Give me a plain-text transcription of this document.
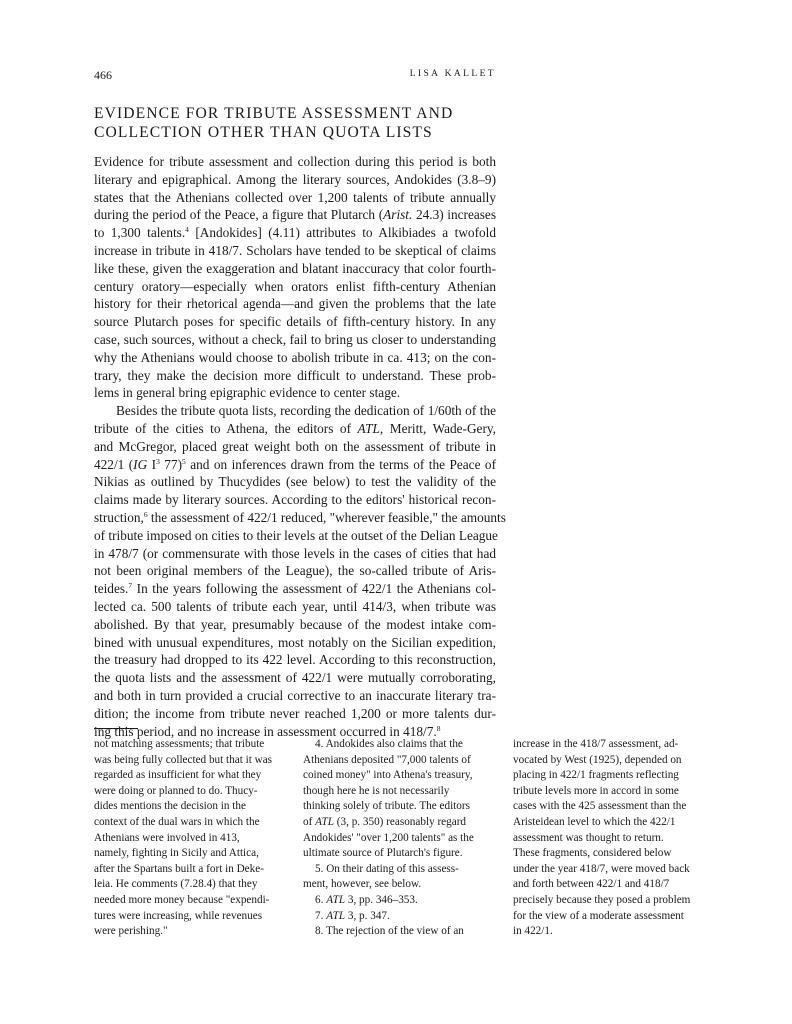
466	LISA KALLET
EVIDENCE FOR TRIBUTE ASSESSMENT AND
COLLECTION OTHER THAN QUOTA LISTS
Evidence for tribute assessment and collection during this period is both
literary and epigraphical. Among the literary sources, Andokides (3.8–9)
states that the Athenians collected over 1,200 talents of tribute annually
during the period of the Peace, a figure that Plutarch (Arist. 24.3) increases
to 1,300 talents.$^4$ [Andokides] (4.11) attributes to Alkibiades a twofold
increase in tribute in 418/7. Scholars have tended to be skeptical of claims
like these, given the exaggeration and blatant inaccuracy that color fourth-
century oratory—especially when orators enlist fifth-century Athenian
history for their rhetorical agenda—and given the problems that the late
source Plutarch poses for specific details of fifth-century history. In any
case, such sources, without a check, fail to bring us closer to understanding
why the Athenians would choose to abolish tribute in ca. 413; on the con-
trary, they make the decision more difficult to understand. These prob-
lems in general bring epigraphic evidence to center stage.
Besides the tribute quota lists, recording the dedication of 1/60th of the
tribute of the cities to Athena, the editors of ATL, Meritt, Wade-Gery,
and McGregor, placed great weight both on the assessment of tribute in
422/1 (IG $I^3$ 77)$^5$ and on inferences drawn from the terms of the Peace of
Nikias as outlined by Thucydides (see below) to test the validity of the
claims made by literary sources. According to the editors' historical recon-
struction,$^6$ the assessment of 422/1 reduced, "wherever feasible," the amounts
of tribute imposed on cities to their levels at the outset of the Delian League
in 478/7 (or commensurate with those levels in the cases of cities that had
not been original members of the League), the so-called tribute of Aris-
teides.$^7$ In the years following the assessment of 422/1 the Athenians col-
lected ca. 500 talents of tribute each year, until 414/3, when tribute was
abolished. By that year, presumably because of the modest intake com-
bined with unusual expenditures, most notably on the Sicilian expedition,
the treasury had dropped to its 422 level. According to this reconstruction,
the quota lists and the assessment of 422/1 were mutually corroborating,
and both in turn provided a crucial corrective to an inaccurate literary tra-
dition; the income from tribute never reached 1,200 or more talents dur-
ing this period, and no increase in assessment occurred in 418/7.$^8$
not matching assessments; that tribute
was being fully collected but that it was
regarded as insufficient for what they
were doing or planned to do. Thucy-
dides mentions the decision in the
context of the dual wars in which the
Athenians were involved in 413,
namely, fighting in Sicily and Attica,
after the Spartans built a fort in Deke-
leia. He comments (7.28.4) that they
needed more money because "expendi-
tures were increasing, while revenues
were perishing."
4. Andokides also claims that the
Athenians deposited "7,000 talents of
coined money" into Athena's treasury,
though here he is not necessarily
thinking solely of tribute. The editors
of ATL (3, p. 350) reasonably regard
Andokides' "over 1,200 talents" as the
ultimate source of Plutarch's figure.
5. On their dating of this assess-
ment, however, see below.
6. ATL 3, pp. 346–353.
7. ATL 3, p. 347.
8. The rejection of the view of an
increase in the 418/7 assessment, ad-
vocated by West (1925), depended on
placing in 422/1 fragments reflecting
tribute levels more in accord in some
cases with the 425 assessment than the
Aristeidean level to which the 422/1
assessment was thought to return.
These fragments, considered below
under the year 418/7, were moved back
and forth between 422/1 and 418/7
precisely because they posed a problem
for the view of a moderate assessment
in 422/1.
